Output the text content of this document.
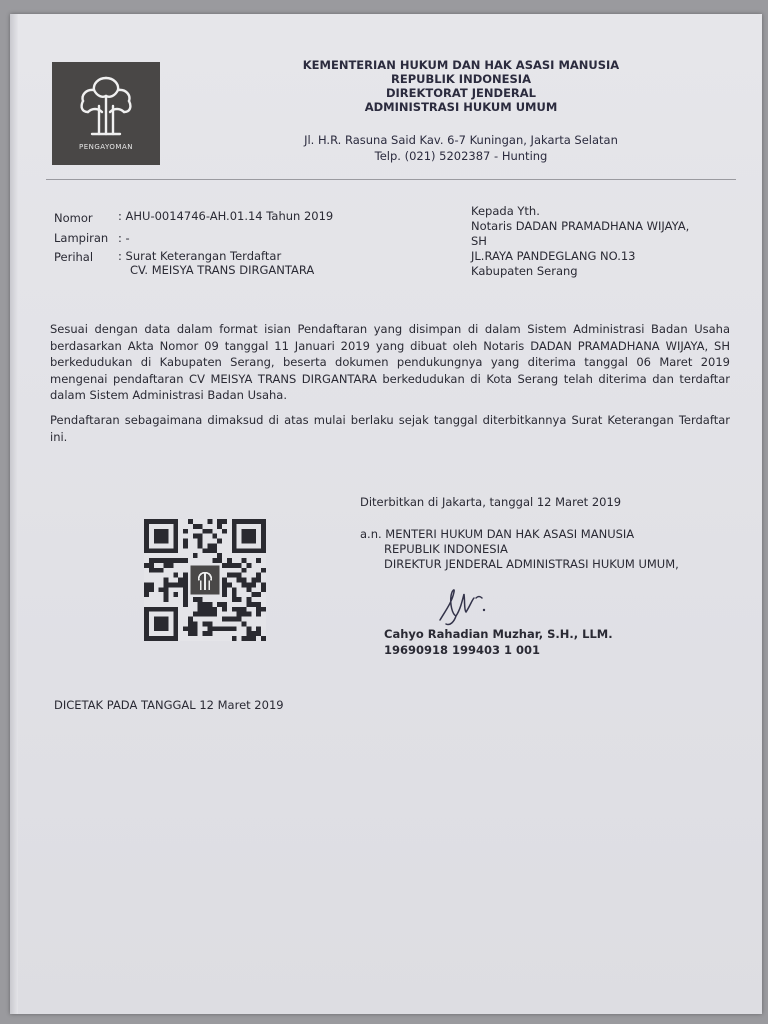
PENGAYOMAN
KEMENTERIAN HUKUM DAN HAK ASASI MANUSIA
REPUBLIK INDONESIA
DIREKTORAT JENDERAL
ADMINISTRASI HUKUM UMUM
Jl. H.R. Rasuna Said Kav. 6-7 Kuningan, Jakarta Selatan
Telp. (021) 5202387 - Hunting
Nomor : AHU-0014746-AH.01.14 Tahun 2019
Lampiran : -
Perihal : Surat Keterangan Terdaftar
CV. MEISYA TRANS DIRGANTARA
Kepada Yth.
Notaris DADAN PRAMADHANA WIJAYA,
SH
JL.RAYA PANDEGLANG NO.13
Kabupaten Serang
Sesuai dengan data dalam format isian Pendaftaran yang disimpan di dalam Sistem Administrasi Badan Usaha berdasarkan Akta Nomor 09 tanggal 11 Januari 2019 yang dibuat oleh Notaris DADAN PRAMADHANA WIJAYA, SH berkedudukan di Kabupaten Serang, beserta dokumen pendukungnya yang diterima tanggal 06 Maret 2019 mengenai pendaftaran CV MEISYA TRANS DIRGANTARA berkedudukan di Kota Serang telah diterima dan terdaftar dalam Sistem Administrasi Badan Usaha.
Pendaftaran sebagaimana dimaksud di atas mulai berlaku sejak tanggal diterbitkannya Surat Keterangan Terdaftar ini.
Diterbitkan di Jakarta, tanggal 12 Maret 2019
a.n. MENTERI HUKUM DAN HAK ASASI MANUSIA
REPUBLIK INDONESIA
DIREKTUR JENDERAL ADMINISTRASI HUKUM UMUM,
Cahyo Rahadian Muzhar, S.H., LLM.
19690918 199403 1 001
DICETAK PADA TANGGAL 12 Maret 2019
